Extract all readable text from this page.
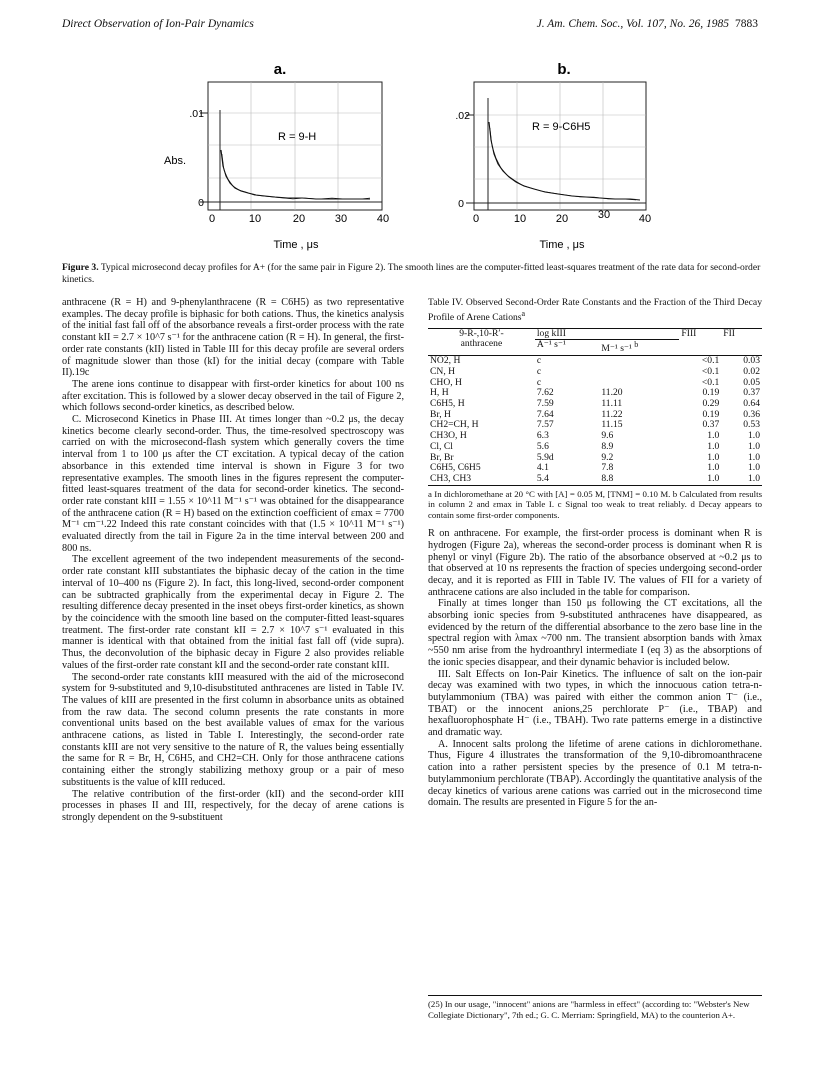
Direct Observation of Ion-Pair Dynamics	J. Am. Chem. Soc., Vol. 107, No. 26, 1985 7883
a.
R = 9-H
.01
Abs.
0
0	10	20	30	40
Time , μs
b.
R = 9-C6H5
.02
0
0	10	20	30	40
Time , μs
Figure 3. Typical microsecond decay profiles for A+ (for the same pair in Figure 2). The smooth lines are the computer-fitted least-squares treatment of the rate data for second-order kinetics.

anthracene (R = H) and 9-phenylanthracene (R = C6H5) as two representative examples. The decay profile is biphasic for both cations. Thus, the kinetics analysis of the initial fast fall off of the absorbance reveals a first-order process with the rate constant kII = 2.7 × 10^7 s⁻¹ for the anthracene cation (R = H). In general, the first-order rate constants (kII) listed in Table III for this decay profile are several orders of magnitude slower than those (kI) for the initial decay (compare with Table II).19c

The arene ions continue to disappear with first-order kinetics for about 100 ns after excitation. This is followed by a slower decay observed in the tail of Figure 2, which follows second-order kinetics, as described below.

C. Microsecond Kinetics in Phase III. At times longer than ~0.2 μs, the decay kinetics become clearly second-order. Thus, the time-resolved spectroscopy was carried on with the microsecond-flash system which generally covers the time interval from 1 to 100 μs after the CT excitation. A typical decay of the cation absorbance in this extended time interval is shown in Figure 3 for two representative examples. The smooth lines in the figures represent the computer-fitted least-squares treatment of the data for second-order kinetics. The second-order rate constant kIII = 1.55 × 10^11 M⁻¹ s⁻¹ was obtained for the disappearance of the anthracene cation (R = H) based on the extinction coefficient of εmax = 7700 M⁻¹ cm⁻¹.22 Indeed this rate constant coincides with that (1.5 × 10^11 M⁻¹ s⁻¹) evaluated directly from the tail in Figure 2a in the time interval between 200 and 800 ns.

The excellent agreement of the two independent measurements of the second-order rate constant kIII substantiates the biphasic decay of the cation in the time interval of 10–400 ns (Figure 2). In fact, this long-lived, second-order component can be subtracted graphically from the experimental decay in Figure 2. The resulting difference decay presented in the inset obeys first-order kinetics, as shown by the coincidence with the smooth line based on the computer-fitted least-squares treatment. The first-order rate constant kII = 2.7 × 10^7 s⁻¹ evaluated in this manner is identical with that obtained from the initial fast fall off (vide supra). Thus, the deconvolution of the biphasic decay in Figure 2 also provides reliable values of the first-order rate constant kII and the second-order rate constant kIII.

The second-order rate constants kIII measured with the aid of the microsecond system for 9-substituted and 9,10-disubstituted anthracenes are listed in Table IV. The values of kIII are presented in the first column in absorbance units as obtained from the raw data. The second column presents the rate constants in more conventional units based on the best available values of εmax for the various anthracene cations, as listed in Table I. Interestingly, the second-order rate constants kIII are not very sensitive to the nature of R, the values being essentially the same for R = Br, H, C6H5, and CH2=CH. Only for those anthracene cations containing either the strongly stabilizing methoxy group or a pair of meso substituents is the value of kIII reduced.

The relative contribution of the first-order (kII) and the second-order kIII processes in phases II and III, respectively, for the decay of arene cations is strongly dependent on the 9-substituent

Table IV. Observed Second-Order Rate Constants and the Fraction of the Third Decay Profile of Arene Cations$^a$
9-R-,10-R′-
anthracene	log kIII		FIII	FII
	A⁻¹ s⁻¹	M⁻¹ s⁻¹ $^b$
NO2, H	c		<0.1	0.03
CN, H	c		<0.1	0.02
CHO, H	c		<0.1	0.05
H, H	7.62	11.20	0.19	0.37
C6H5, H	7.59	11.11	0.29	0.64
Br, H	7.64	11.22	0.19	0.36
CH2=CH, H	7.57	11.15	0.37	0.53
CH3O, H	6.3	9.6	1.0	1.0
Cl, Cl	5.6	8.9	1.0	1.0
Br, Br	5.9d	9.2	1.0	1.0
C6H5, C6H5	4.1	7.8	1.0	1.0
CH3, CH3	5.4	8.8	1.0	1.0
a In dichloromethane at 20 °C with [A] = 0.05 M, [TNM] = 0.10 M. b Calculated from results in column 2 and εmax in Table I. c Signal too weak to treat reliably. d Decay appears to contain some first-order components.

R on anthracene. For example, the first-order process is dominant when R is hydrogen (Figure 2a), whereas the second-order process is dominant when R is phenyl or vinyl (Figure 2b). The ratio of the absorbance observed at ~0.2 μs to that observed at 10 ns represents the fraction of species undergoing second-order decay, and it is reported as FIII in Table IV. The values of FII for a variety of anthracene cations are also included in the table for comparison.

Finally at times longer than 150 μs following the CT excitations, all the absorbing ionic species from 9-substituted anthracenes have disappeared, as evidenced by the return of the differential absorbance to the zero base line in the spectral region with λmax ~700 nm. The transient absorption bands with λmax ~550 nm arise from the hydroanthryl intermediate I (eq 3) as the absorptions of the ionic species disappear, and their dynamic behavior is included below.

III. Salt Effects on Ion-Pair Kinetics. The influence of salt on the ion-pair decay was examined with two types, in which the innocuous cation tetra-n-butylammonium (TBA) was paired with either the common anion T⁻ (i.e., TBAT) or the innocent anions,25 perchlorate P⁻ (i.e., TBAP) and hexafluorophosphate H⁻ (i.e., TBAH). Two rate patterns emerge in a distinctive and dramatic way.

A. Innocent salts prolong the lifetime of arene cations in dichloromethane. Thus, Figure 4 illustrates the transformation of the 9,10-dibromoanthracene cation into a rather persistent species by the presence of 0.1 M tetra-n-butylammonium perchlorate (TBAP). Accordingly the quantitative analysis of the decay kinetics of various arene cations was carried out in the microsecond time domain. The results are presented in Figure 5 for the an-

(25) In our usage, "innocent" anions are "harmless in effect" (according to: "Webster's New Collegiate Dictionary", 7th ed.; G. C. Merriam: Springfield, MA) to the counterion A+.
